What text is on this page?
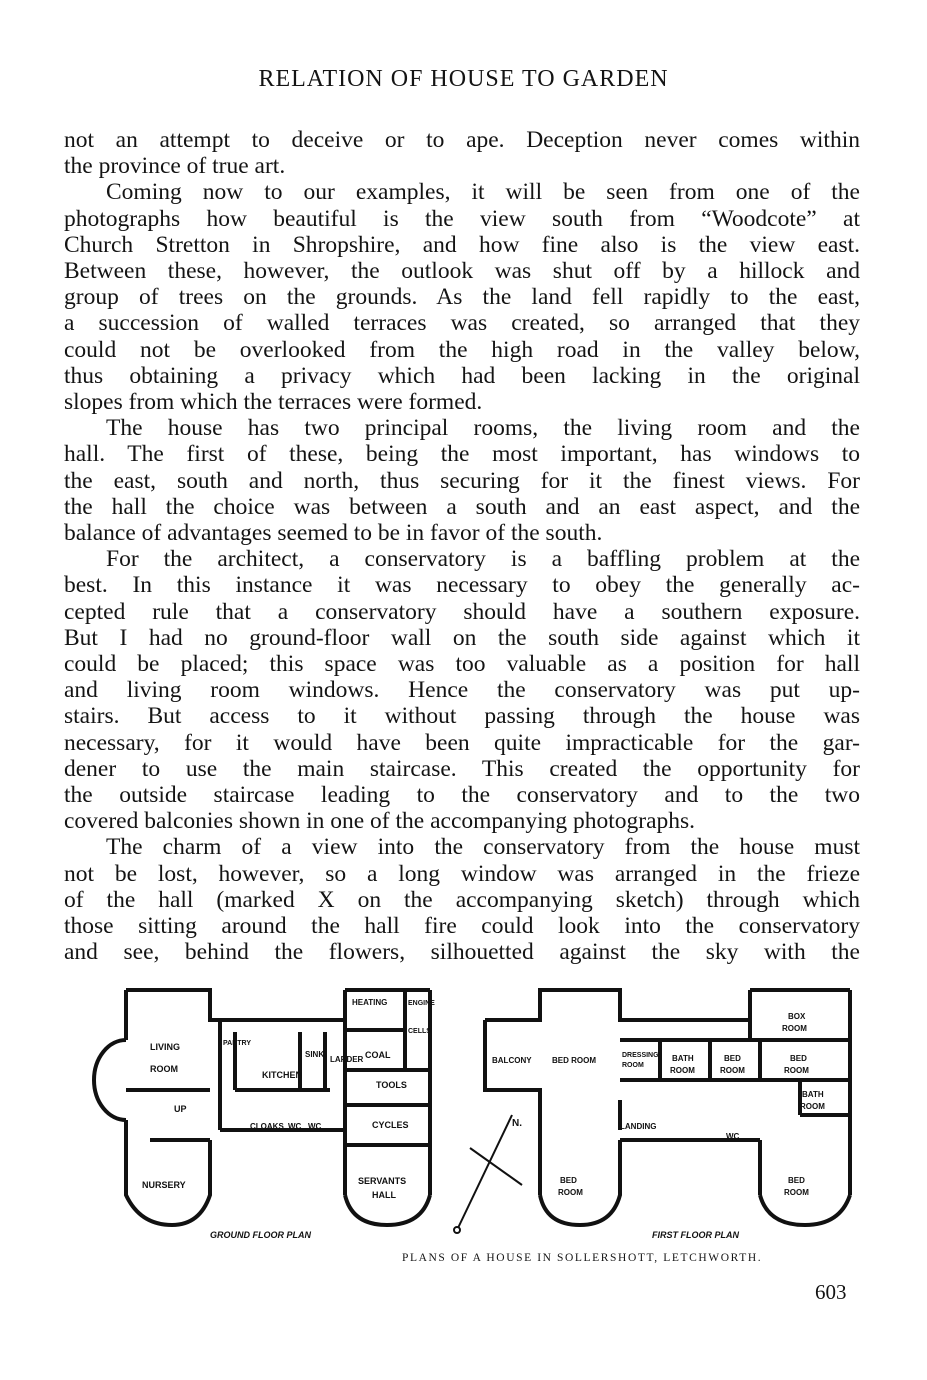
RELATION OF HOUSE TO GARDEN

not an attempt to deceive or to ape. Deception never comes within

the province of true art.

Coming now to our examples, it will be seen from one of the

photographs how beautiful is the view south from “Woodcote” at

Church Stretton in Shropshire, and how fine also is the view east.

Between these, however, the outlook was shut off by a hillock and

group of trees on the grounds. As the land fell rapidly to the east,

a succession of walled terraces was created, so arranged that they

could not be overlooked from the high road in the valley below,

thus obtaining a privacy which had been lacking in the original

slopes from which the terraces were formed.

The house has two principal rooms, the living room and the

hall. The first of these, being the most important, has windows to

the east, south and north, thus securing for it the finest views. For

the hall the choice was between a south and an east aspect, and the

balance of advantages seemed to be in favor of the south.

For the architect, a conservatory is a baffling problem at the

best. In this instance it was necessary to obey the generally ac-

cepted rule that a conservatory should have a southern exposure.

But I had no ground-floor wall on the south side against which it

could be placed; this space was too valuable as a position for hall

and living room windows. Hence the conservatory was put up-

stairs. But access to it without passing through the house was

necessary, for it would have been quite impracticable for the gar-

dener to use the main staircase. This created the opportunity for

the outside staircase leading to the conservatory and to the two

covered balconies shown in one of the accompanying photographs.

The charm of a view into the conservatory from the house must

not be lost, however, so a long window was arranged in the frieze

of the hall (marked X on the accompanying sketch) through which

those sitting around the hall fire could look into the conservatory

and see, behind the flowers, silhouetted against the sky with the

LIVING
ROOM
PANTRY
KITCHEN
SINK
LARDER
HEATING
CELLS
ENGINE
COAL
TOOLS
CYCLES
CLOAKS WC WC
UP
NURSERY	SERVANTS
HALL
GROUND FLOOR PLAN
BALCONY	BED ROOM
DRESSING
ROOM
BATH
ROOM
BED
ROOM
BED
ROOM
BOX
ROOM
BATH
ROOM
LANDING
WC
BED
ROOM
BED
ROOM
FIRST FLOOR PLAN
N.
PLANS OF A HOUSE IN SOLLERSHOTT, LETCHWORTH.
603
